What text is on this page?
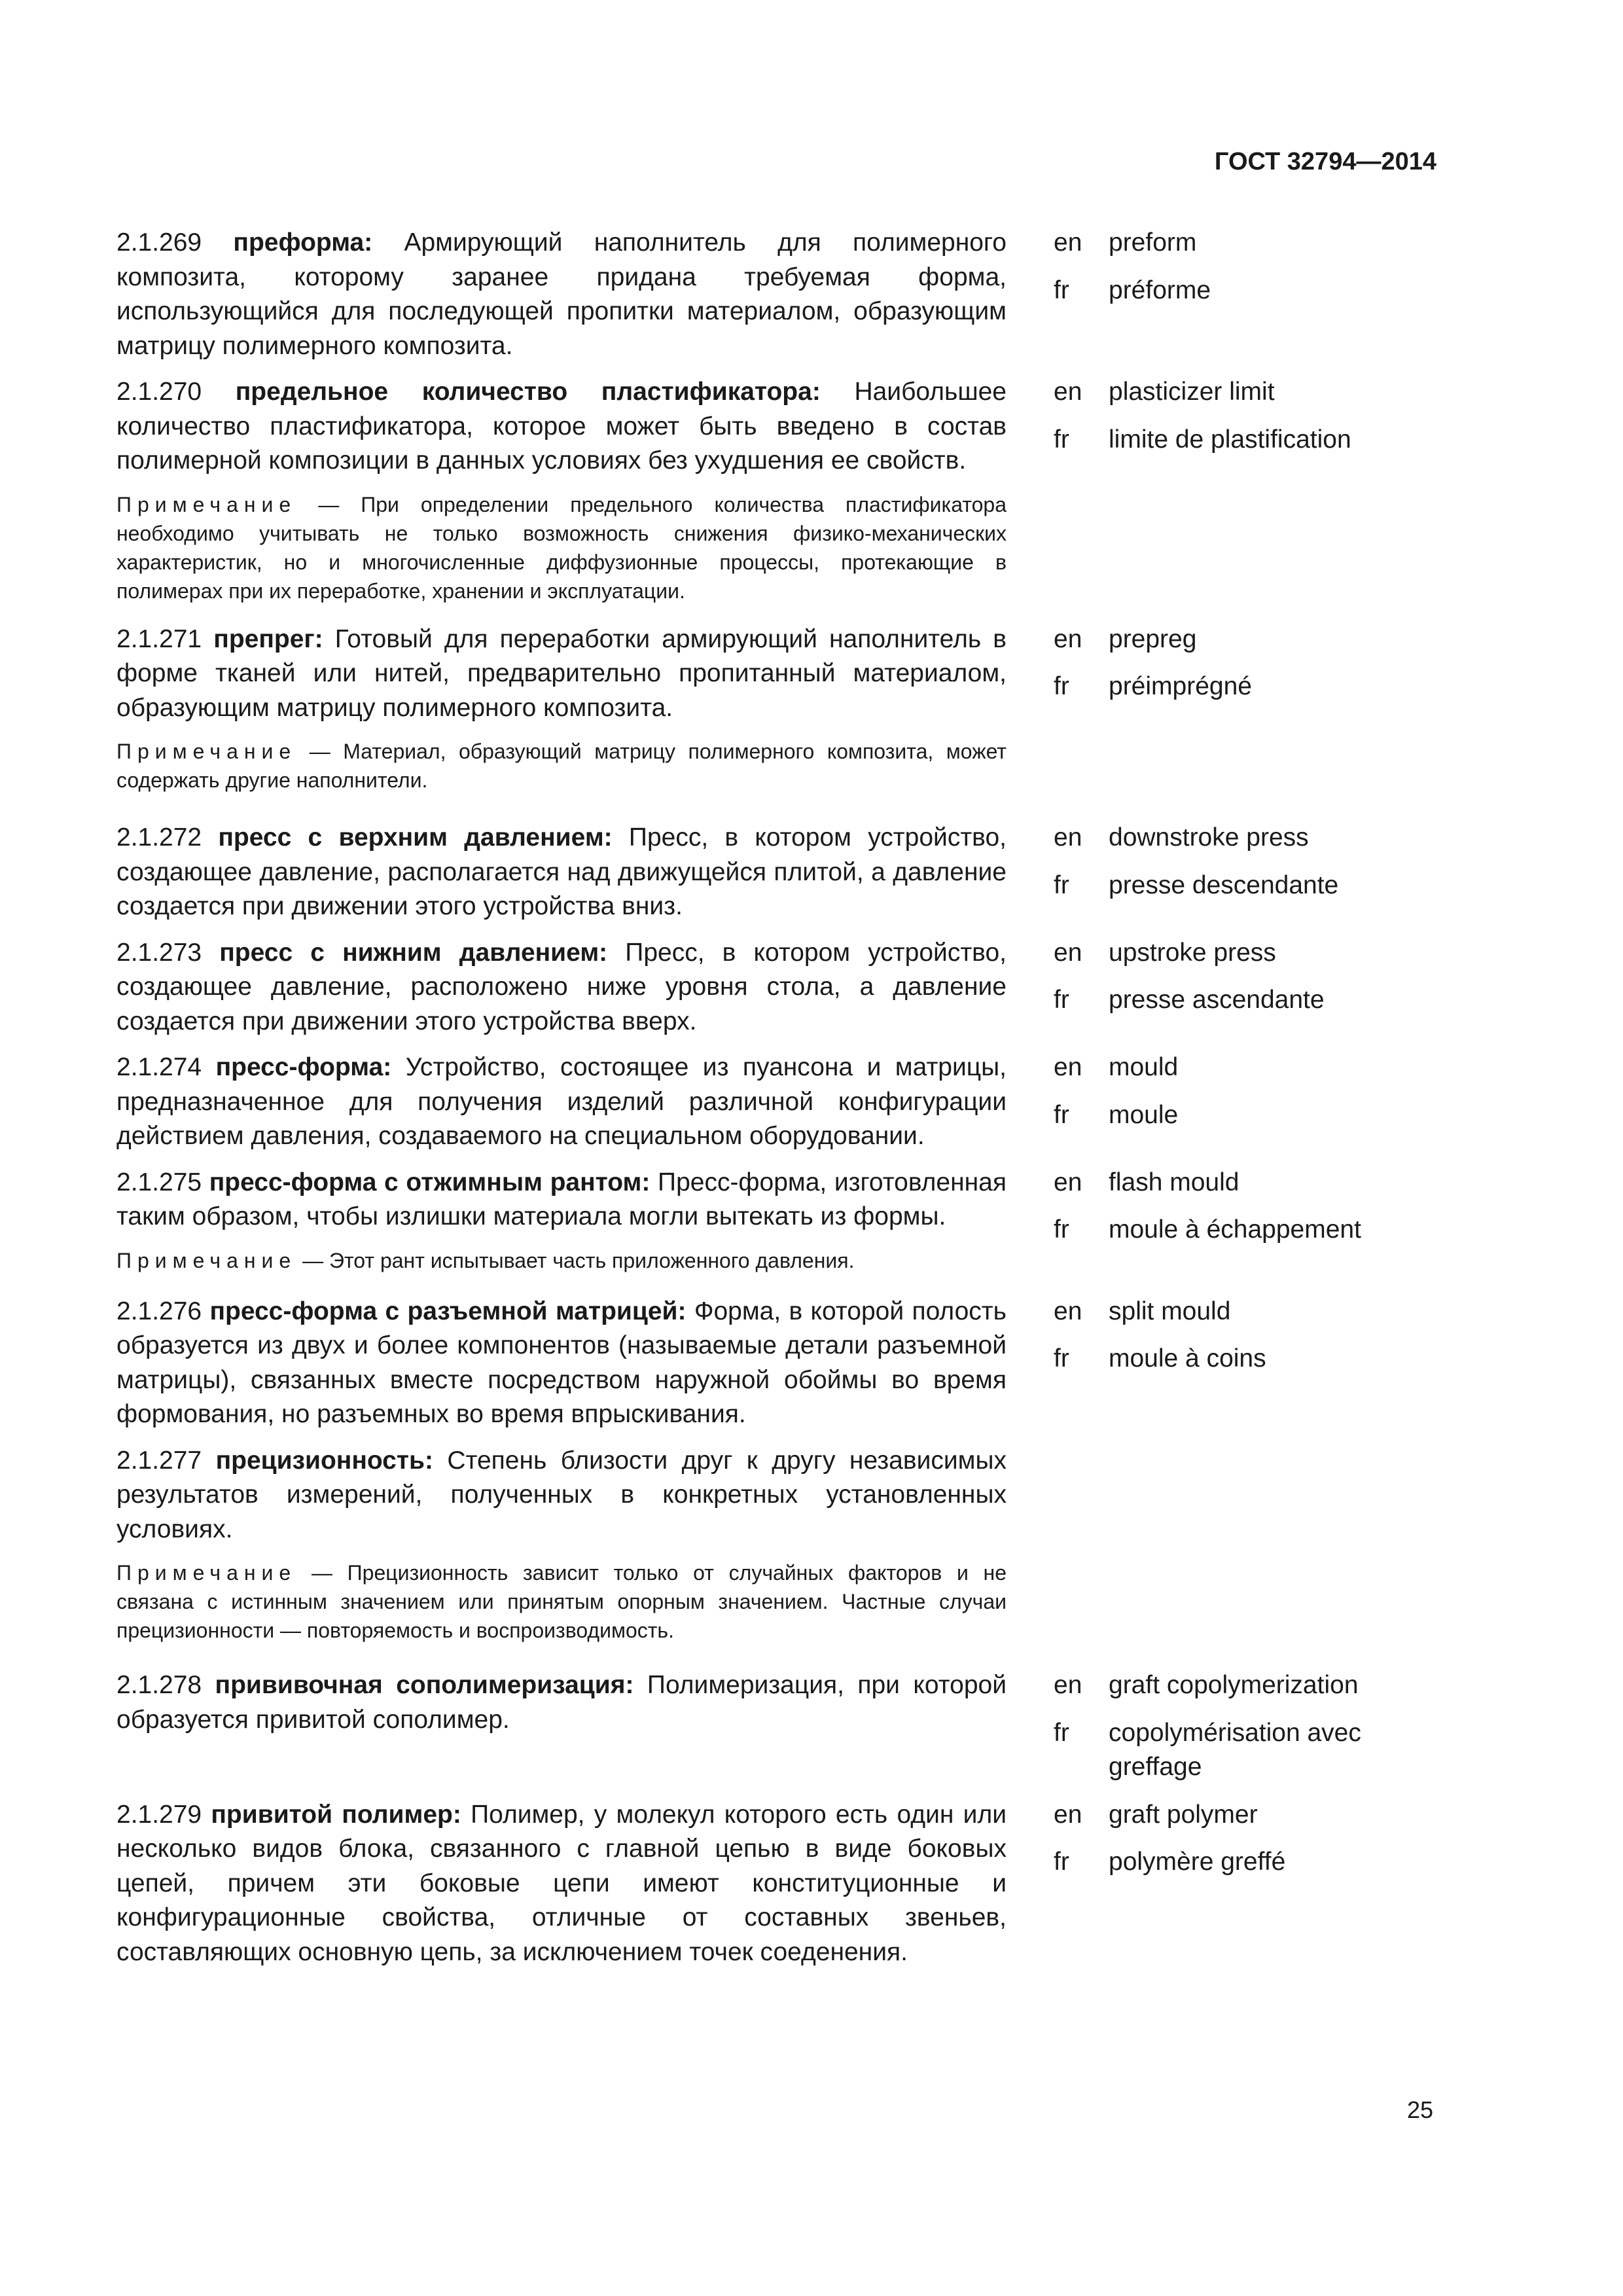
ГОСТ 32794—2014
2.1.269 преформа: Армирующий наполнитель для полимерного композита, которому заранее придана требуемая форма, использующийся для последующей пропитки материалом, образующим матрицу полимерного композита.
en	preform
fr	préforme
2.1.270 предельное количество пластификатора: Наибольшее количество пластификатора, которое может быть введено в состав полимерной композиции в данных условиях без ухудшения ее свойств.
Примечание — При определении предельного количества пластификатора необходимо учитывать не только возможность снижения физико-механических характеристик, но и многочисленные диффузионные процессы, протекающие в полимерах при их переработке, хранении и эксплуатации.
en	plasticizer limit
fr	limite de plastification
2.1.271 препрег: Готовый для переработки армирующий наполнитель в форме тканей или нитей, предварительно пропитанный материалом, образующим матрицу полимерного композита.
Примечание — Материал, образующий матрицу полимерного композита, может содержать другие наполнители.
en	prepreg
fr	préimprégné
2.1.272 пресс с верхним давлением: Пресс, в котором устройство, создающее давление, располагается над движущейся плитой, а давление создается при движении этого устройства вниз.
en	downstroke press
fr	presse descendante
2.1.273 пресс с нижним давлением: Пресс, в котором устройство, создающее давление, расположено ниже уровня стола, а давление создается при движении этого устройства вверх.
en	upstroke press
fr	presse ascendante
2.1.274 пресс-форма: Устройство, состоящее из пуансона и матрицы, предназначенное для получения изделий различной конфигурации действием давления, создаваемого на специальном оборудовании.
en	mould
fr	moule
2.1.275 пресс-форма с отжимным рантом: Пресс-форма, изготовленная таким образом, чтобы излишки материала могли вытекать из формы.
Примечание — Этот рант испытывает часть приложенного давления.
en	flash mould
fr	moule à échappement
2.1.276 пресс-форма с разъемной матрицей: Форма, в которой полость образуется из двух и более компонентов (называемые детали разъемной матрицы), связанных вместе посредством наружной обоймы во время формования, но разъемных во время впрыскивания.
en	split mould
fr	moule à coins
2.1.277 прецизионность: Степень близости друг к другу независимых результатов измерений, полученных в конкретных установленных условиях.
Примечание — Прецизионность зависит только от случайных факторов и не связана с истинным значением или принятым опорным значением. Частные случаи прецизионности — повторяемость и воспроизводимость.
2.1.278 прививочная сополимеризация: Полимеризация, при которой образуется привитой сополимер.
en	graft copolymerization
fr	copolymérisation avec greffage
2.1.279 привитой полимер: Полимер, у молекул которого есть один или несколько видов блока, связанного с главной цепью в виде боковых цепей, причем эти боковые цепи имеют конституционные и конфигурационные свойства, отличные от составных звеньев, составляющих основную цепь, за исключением точек соеденения.
en	graft polymer
fr	polymère greffé
25
